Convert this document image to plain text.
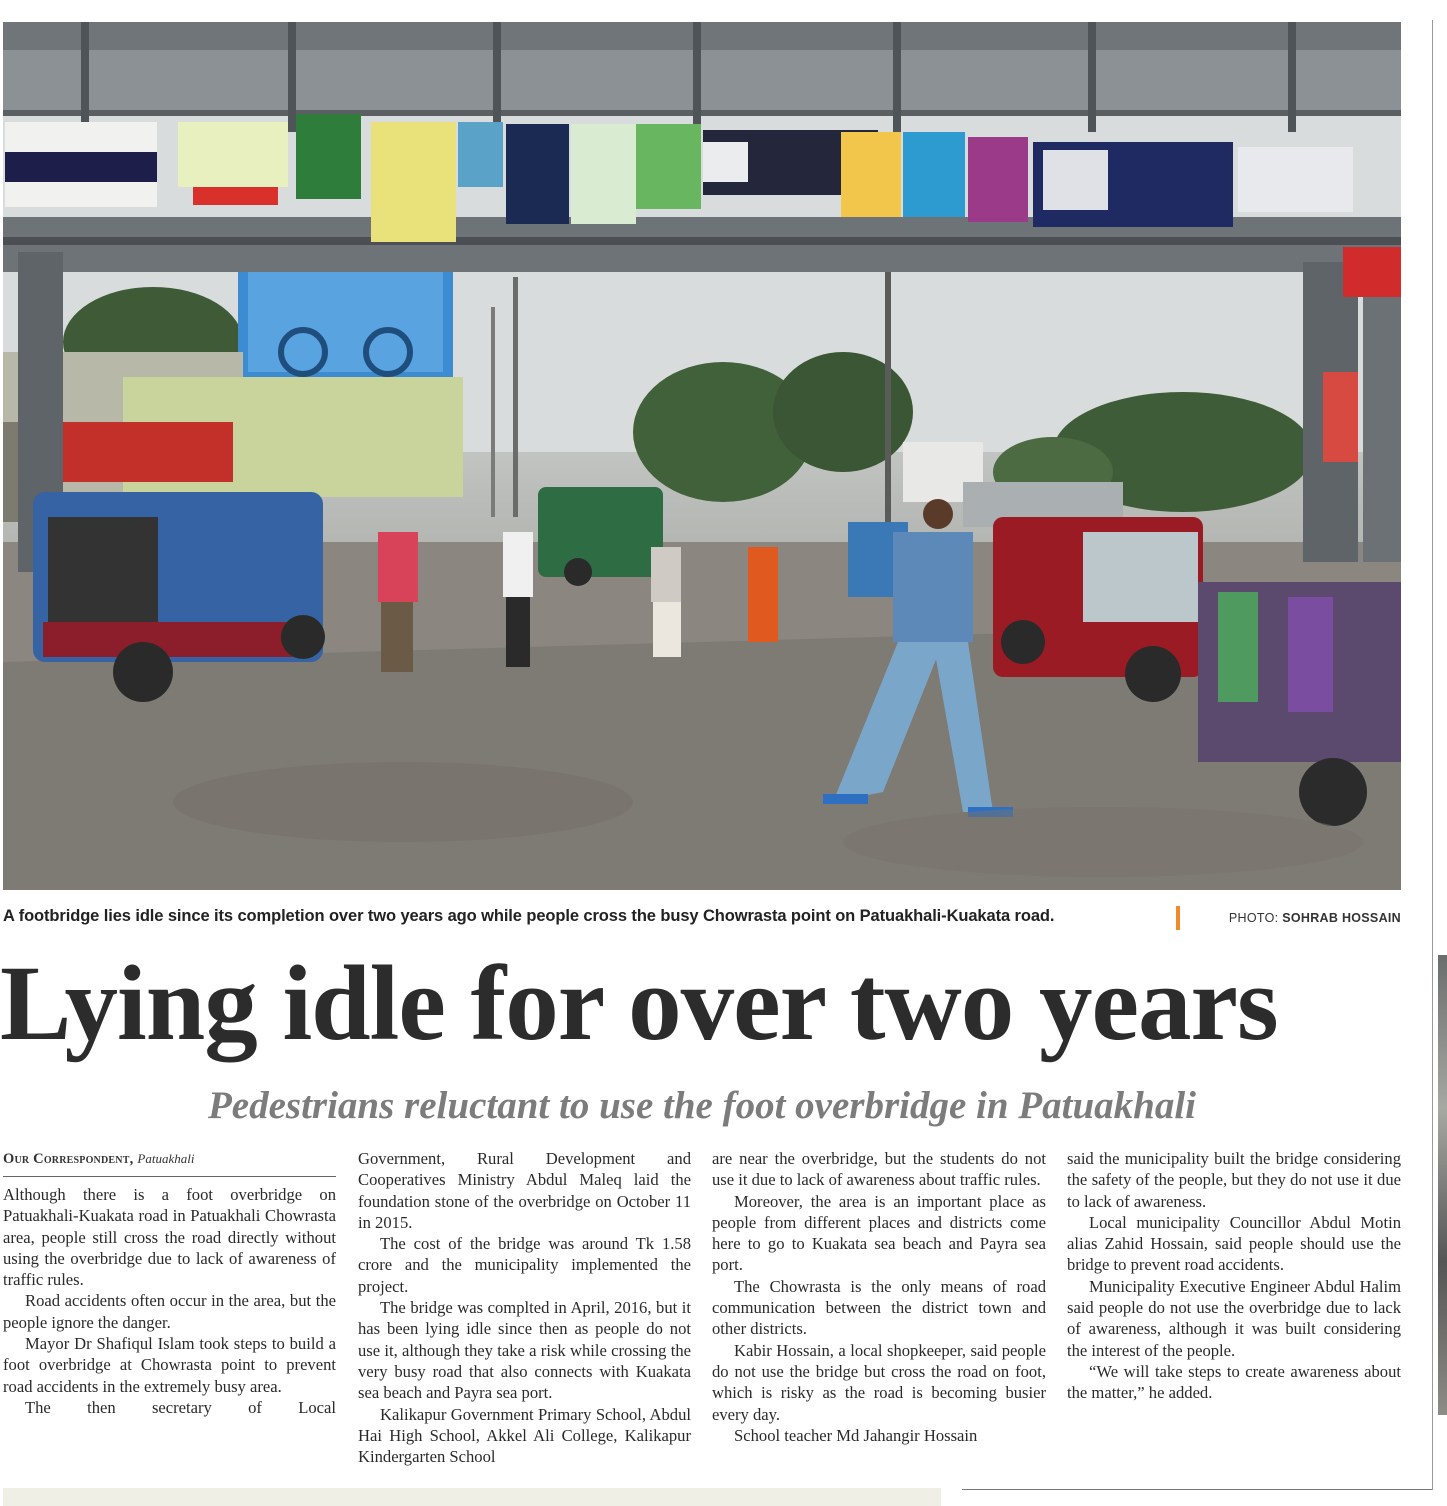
A footbridge lies idle since its completion over two years ago while people cross the busy Chowrasta point on Patuakhali-Kuakata road.	PHOTO: SOHRAB HOSSAIN
Lying idle for over two years
Pedestrians reluctant to use the foot overbridge in Patuakhali
Our Correspondent, Patuakhali

Although there is a foot overbridge on Patuakhali-Kuakata road in Patuakhali Chowrasta area, people still cross the road directly without using the overbridge due to lack of awareness of traffic rules.

Road accidents often occur in the area, but the people ignore the danger.

Mayor Dr Shafiqul Islam took steps to build a foot overbridge at Chowrasta point to prevent road accidents in the extremely busy area.

The then secretary of Local

Government, Rural Development and Cooperatives Ministry Abdul Maleq laid the foundation stone of the overbridge on October 11 in 2015.

The cost of the bridge was around Tk 1.58 crore and the municipality implemented the project.

The bridge was complted in April, 2016, but it has been lying idle since then as people do not use it, although they take a risk while crossing the very busy road that also connects with Kuakata sea beach and Payra sea port.

Kalikapur Government Primary School, Abdul Hai High School, Akkel Ali College, Kalikapur Kindergarten School

are near the overbridge, but the students do not use it due to lack of awareness about traffic rules.

Moreover, the area is an important place as people from different places and districts come here to go to Kuakata sea beach and Payra sea port.

The Chowrasta is the only means of road communication between the district town and other districts.

Kabir Hossain, a local shopkeeper, said people do not use the bridge but cross the road on foot, which is risky as the road is becoming busier every day.

School teacher Md Jahangir Hossain

said the municipality built the bridge considering the safety of the people, but they do not use it due to lack of awareness.

Local municipality Councillor Abdul Motin alias Zahid Hossain, said people should use the bridge to prevent road accidents.

Municipality Executive Engineer Abdul Halim said people do not use the overbridge due to lack of awareness, although it was built considering the interest of the people.

“We will take steps to create awareness about the matter,” he added.
